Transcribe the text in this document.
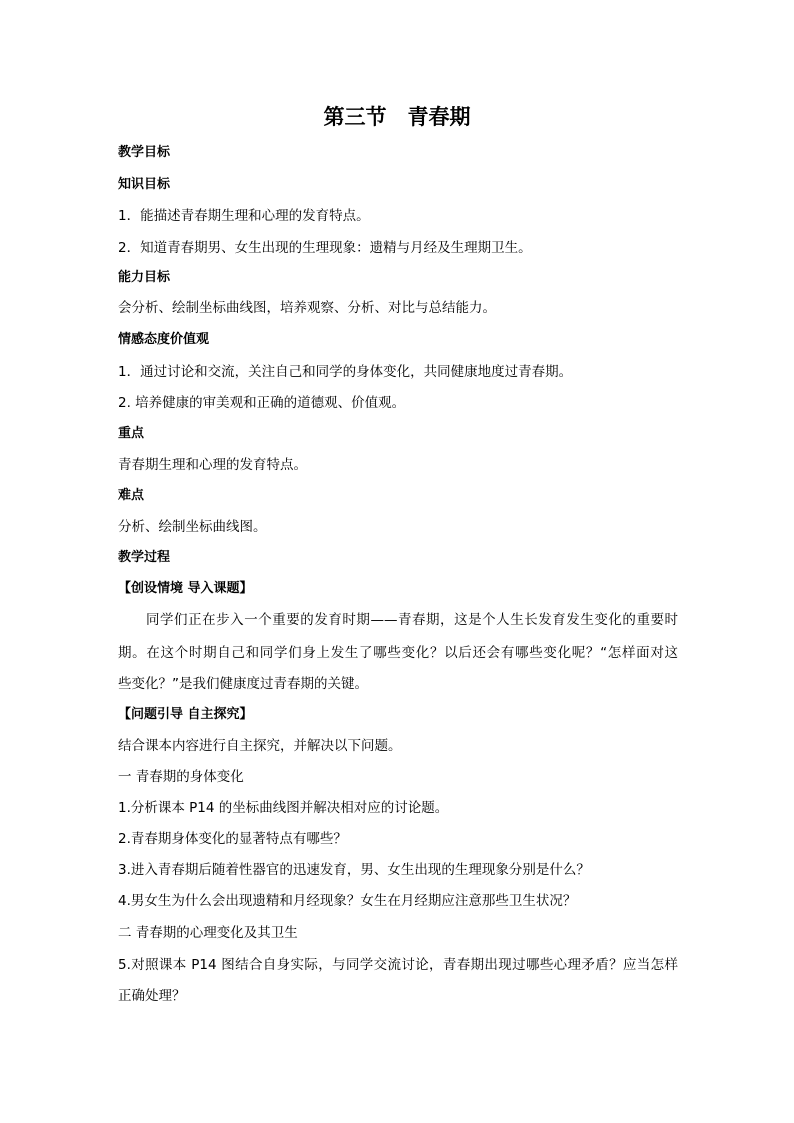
第三节　青春期

教学目标

知识目标

1．能描述青春期生理和心理的发育特点。

2．知道青春期男、女生出现的生理现象：遗精与月经及生理期卫生。

能力目标

会分析、绘制坐标曲线图，培养观察、分析、对比与总结能力。

情感态度价值观

1．通过讨论和交流，关注自己和同学的身体变化，共同健康地度过青春期。

2. 培养健康的审美观和正确的道德观、价值观。

重点

青春期生理和心理的发育特点。

难点

分析、绘制坐标曲线图。

教学过程

【创设情境 导入课题】

同学们正在步入一个重要的发育时期——青春期，这是个人生长发育发生变化的重要时

期。在这个时期自己和同学们身上发生了哪些变化？以后还会有哪些变化呢？“怎样面对这

些变化？”是我们健康度过青春期的关键。

【问题引导 自主探究】

结合课本内容进行自主探究，并解决以下问题。

一 青春期的身体变化

1.分析课本 P14 的坐标曲线图并解决相对应的讨论题。

2.青春期身体变化的显著特点有哪些？

3.进入青春期后随着性器官的迅速发育，男、女生出现的生理现象分别是什么？

4.男女生为什么会出现遗精和月经现象？女生在月经期应注意那些卫生状况？

二 青春期的心理变化及其卫生

5.对照课本 P14 图结合自身实际，与同学交流讨论，青春期出现过哪些心理矛盾？应当怎样

正确处理？
